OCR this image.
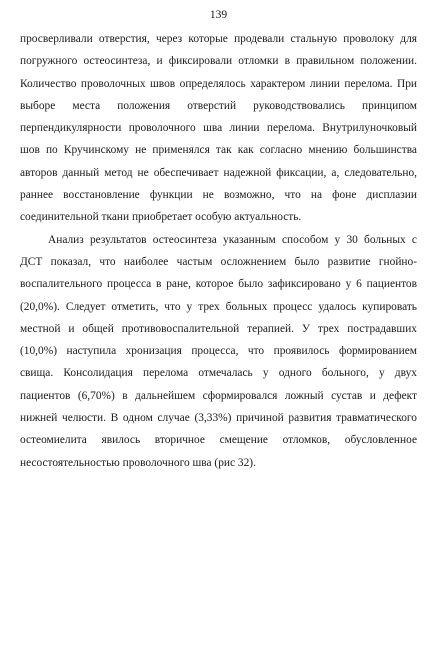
139
просверливали отверстия, через которые продевали стальную проволоку для
погружного остеосинтеза, и фиксировали отломки в правильном положении.
Количество проволочных швов определялось характером линии перелома. При
выборе места положения отверстий руководствовались принципом
перпендикулярности проволочного шва линии перелома. Внутрилуночковый
шов по Кручинскому не применялся так как согласно мнению большинства
авторов данный метод не обеспечивает надежной фиксации, а, следовательно,
раннее восстановление функции не возможно, что на фоне дисплазии
соединительной ткани приобретает особую актуальность.
Анализ результатов остеосинтеза указанным способом у 30 больных с
ДСТ показал, что наиболее частым осложнением было развитие гнойно-
воспалительного процесса в ране, которое было зафиксировано у 6 пациентов
(20,0%). Следует отметить, что у трех больных процесс удалось купировать
местной и общей противовоспалительной терапией. У трех пострадавших
(10,0%) наступила хронизация процесса, что проявилось формированием
свища. Консолидация перелома отмечалась у одного больного, у двух
пациентов (6,70%) в дальнейшем сформировался ложный сустав и дефект
нижней челюсти. В одном случае (3,33%) причиной развития травматического
остеомиелита явилось вторичное смещение отломков, обусловленное
несостоятельностью проволочного шва (рис 32).
